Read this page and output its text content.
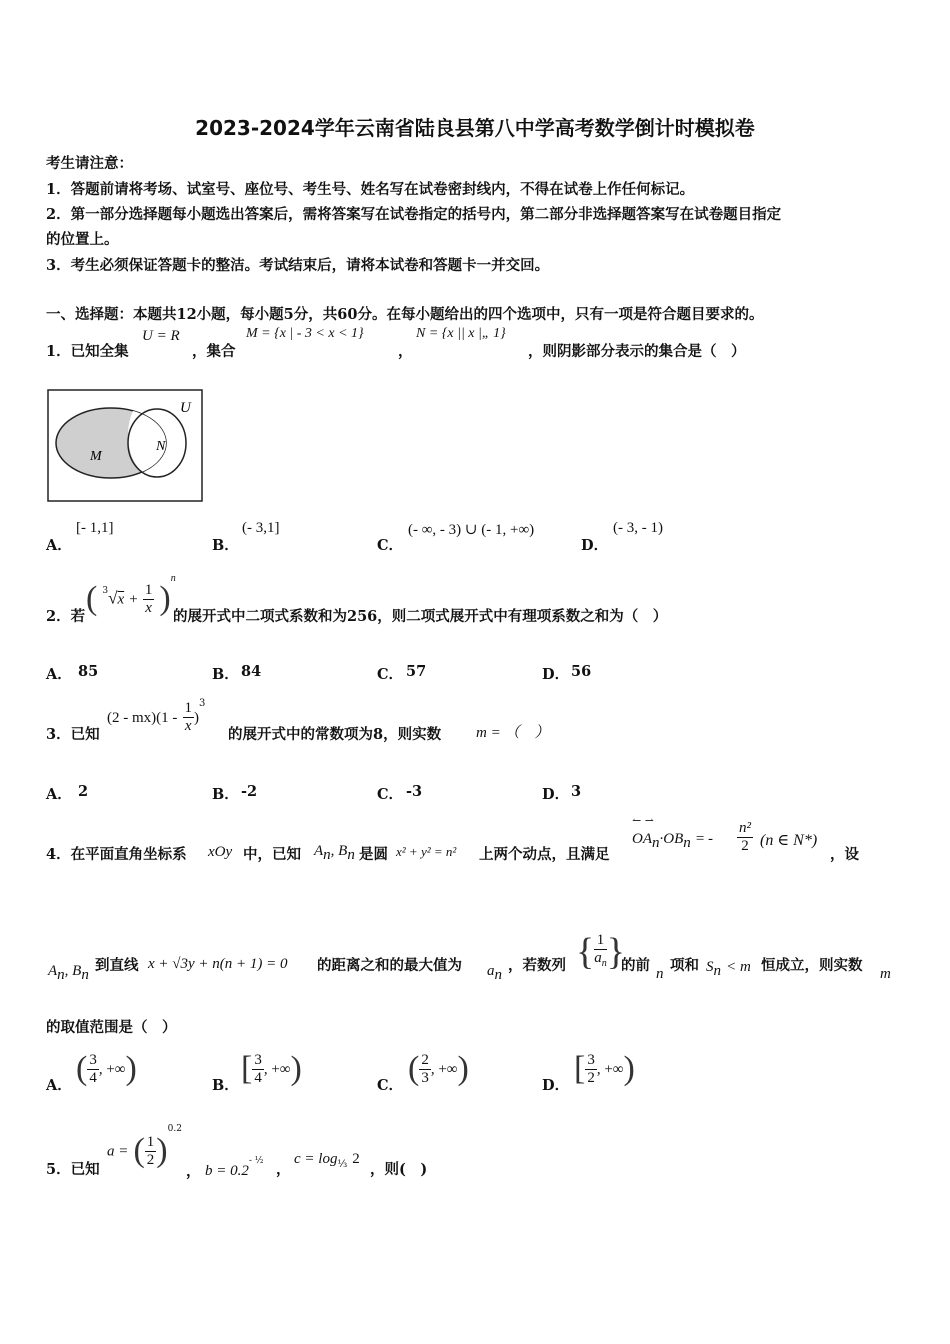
2023-2024学年云南省陆良县第八中学高考数学倒计时模拟卷
考生请注意：
1．答题前请将考场、试室号、座位号、考生号、姓名写在试卷密封线内，不得在试卷上作任何标记。
2．第一部分选择题每小题选出答案后，需将答案写在试卷指定的括号内，第二部分非选择题答案写在试卷题目指定
的位置上。
3．考生必须保证答题卡的整洁。考试结束后，请将本试卷和答题卡一并交回。
一、选择题：本题共12小题，每小题5分，共60分。在每小题给出的四个选项中，只有一项是符合题目要求的。
1．已知全集
U = R
，集合
M = {x | - 3 < x < 1}
，
N = {x || x |„ 1}
，则阴影部分表示的集合是（　）
U
M
N
A．
[- 1,1]
B．
(- 3,1]
C．
(- ∞, - 3) ∪ (- 1, +∞)
D．
(- 3, - 1)
2．若 ( $^3√x + \frac{1}{x} )^n$
的展开式中二项式系数和为256，则二项式展开式中有理项系数之和为（　）
A． 85	B． 84	C． 57	D． 56
3．已知
$(2 - mx)(1 - \frac{1}{x} )^3$
的展开式中的常数项为8，则实数 m = （　）
A． 2	B． -2	C． -3	D． 3
4．在平面直角坐标系 xOy 中，已知 $A_n$, $B_n$ 是圆 x² + y² = n² 上两个动点，且满足
↼ ⇀
$OA_n\cdot OB_n$ = - $\frac{\text{n²}}{2} (n$ ∈ N*)
，设
$A_n$, $B_n$
到直线 x + √3y + n(n + 1) = 0 的距离之和的最大值为 $a_n$
，若数列 { $\frac{1}{a_n}$ }
的前 n 项和 $S_n < m$ 恒成立，则实数 m
的取值范围是（　）
A． ( $\frac{3}{4}$ , +∞)	B． [ $\frac{3}{4}$ , +∞)	C． ( $\frac{2}{3}$ , +∞)	D． [ $\frac{3}{2}$ , +∞)
5．已知
a = ( $\frac{1}{2} )^{0.2}$
， $b = 0.2^{- \frac{1}{2}}$
，
$c = \log_{\frac{1}{3}} 2$
，则(　)
